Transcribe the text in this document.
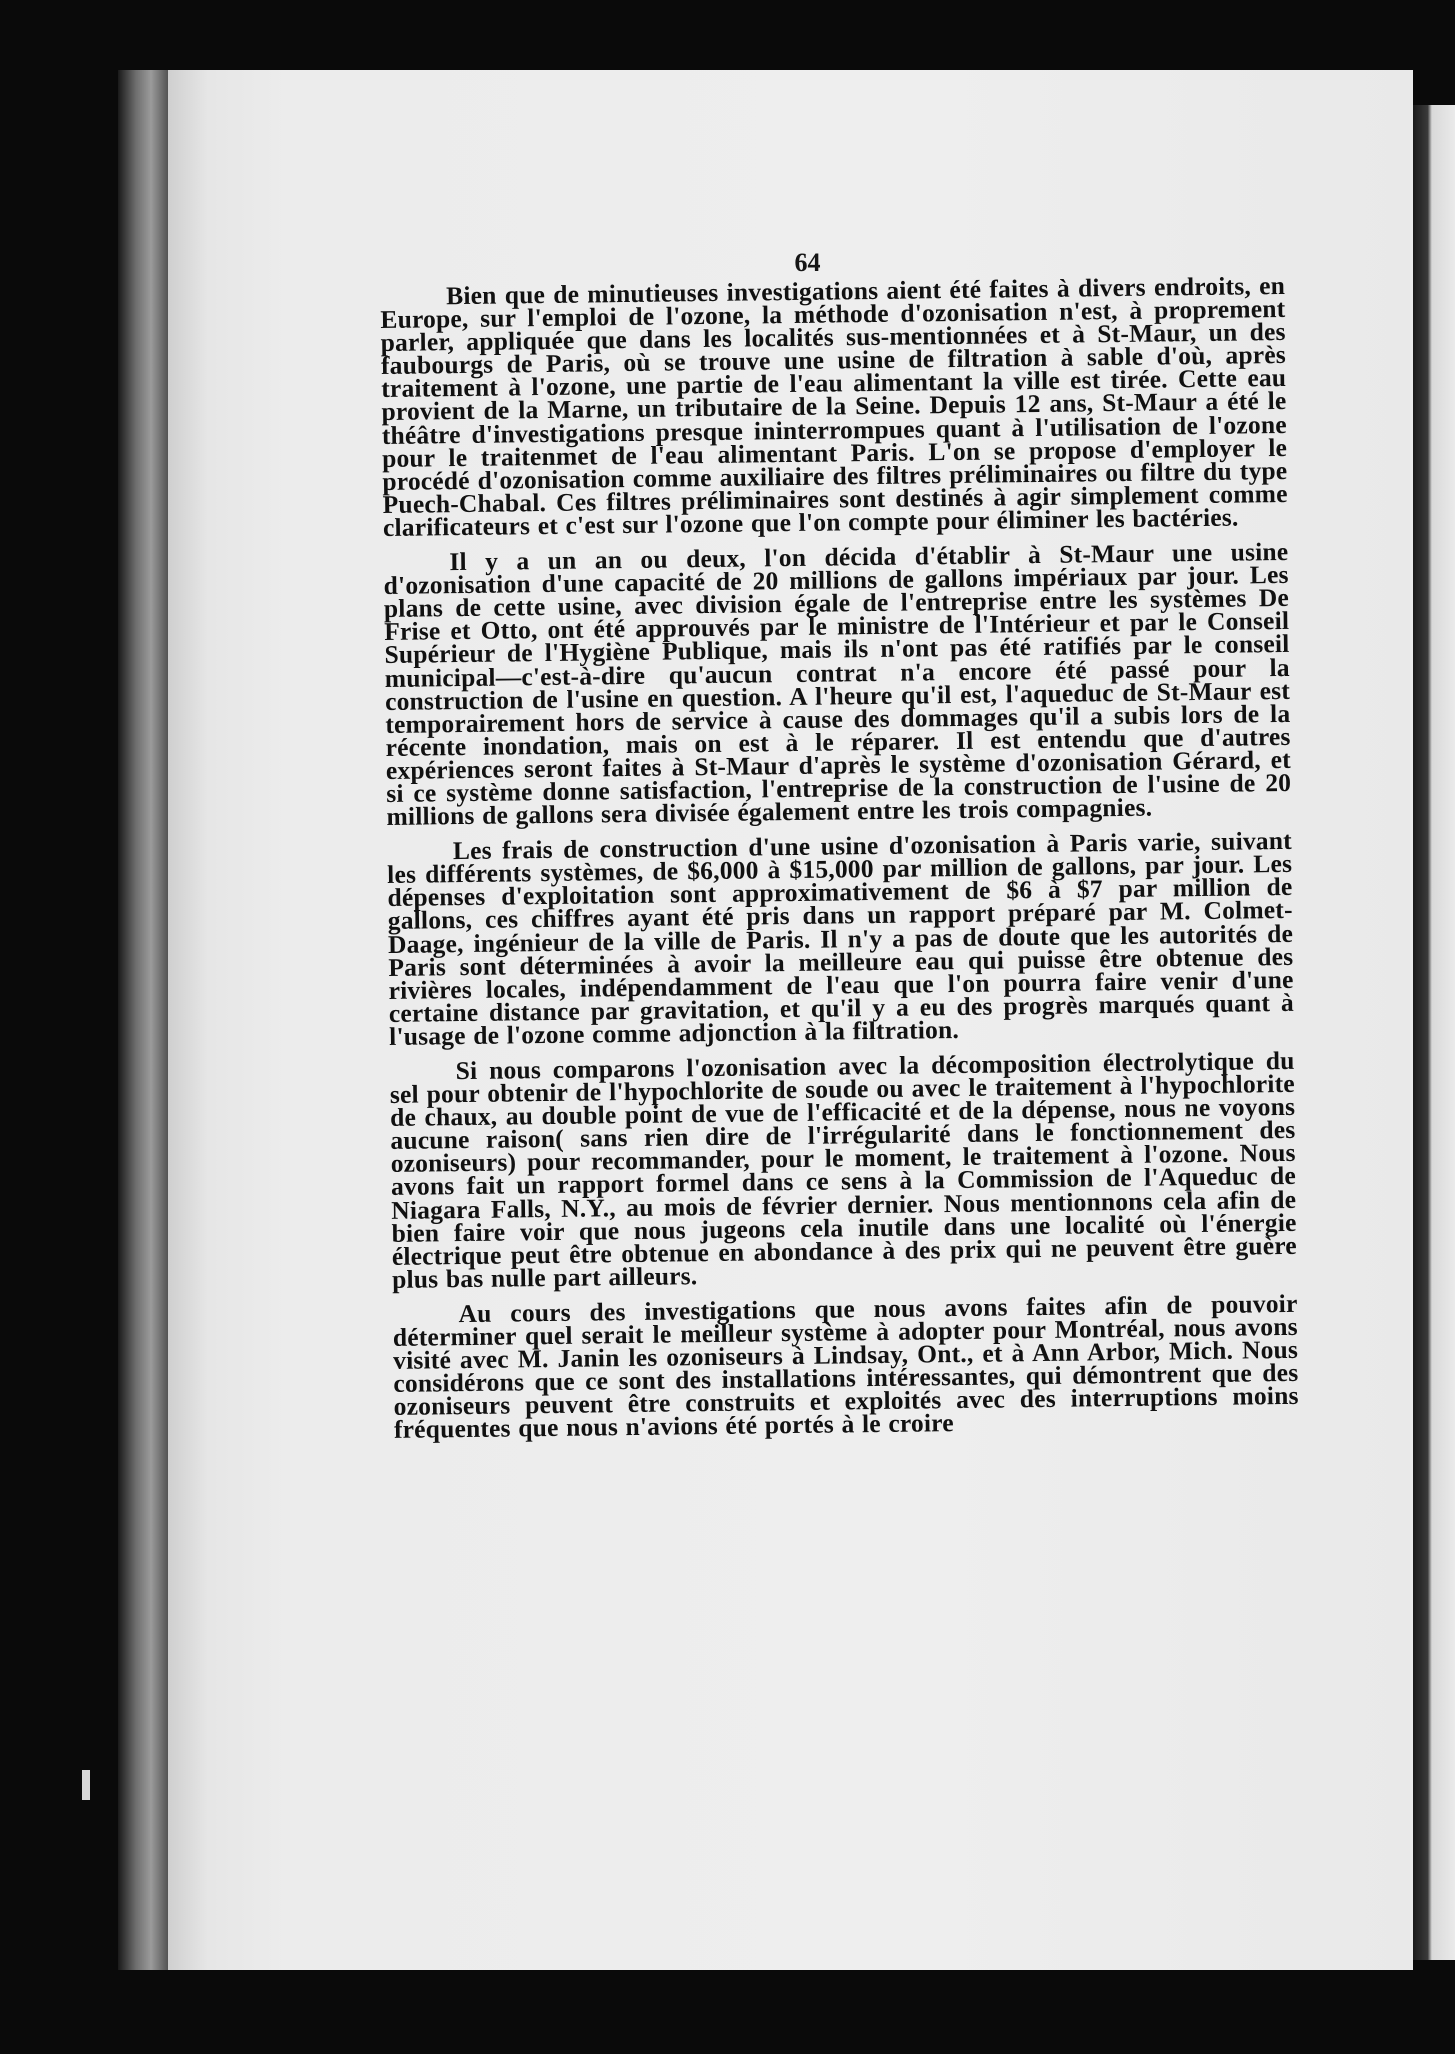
64

Bien que de minutieuses investigations aient été faites à divers endroits, en Europe, sur l'emploi de l'ozone, la méthode d'ozonisation n'est, à proprement parler, appliquée que dans les localités sus-mentionnées et à St-Maur, un des faubourgs de Paris, où se trouve une usine de filtration à sable d'où, après traitement à l'ozone, une partie de l'eau alimentant la ville est tirée. Cette eau provient de la Marne, un tributaire de la Seine. Depuis 12 ans, St-Maur a été le théâtre d'investigations presque ininterrompues quant à l'utilisation de l'ozone pour le traitenmet de l'eau alimentant Paris. L'on se propose d'employer le procédé d'ozonisation comme auxiliaire des filtres préliminaires ou filtre du type Puech-Chabal. Ces filtres préliminaires sont destinés à agir simplement comme clarificateurs et c'est sur l'ozone que l'on compte pour éliminer les bactéries.

Il y a un an ou deux, l'on décida d'établir à St-Maur une usine d'ozonisation d'une capacité de 20 millions de gallons impériaux par jour. Les plans de cette usine, avec division égale de l'entreprise entre les systèmes De Frise et Otto, ont été approuvés par le ministre de l'Intérieur et par le Conseil Supérieur de l'Hygiène Publique, mais ils n'ont pas été ratifiés par le conseil municipal—c'est-à-dire qu'aucun contrat n'a encore été passé pour la construction de l'usine en question. A l'heure qu'il est, l'aqueduc de St-Maur est temporairement hors de service à cause des dommages qu'il a subis lors de la récente inondation, mais on est à le réparer. Il est entendu que d'autres expériences seront faites à St-Maur d'après le système d'ozonisation Gérard, et si ce système donne satisfaction, l'entreprise de la construction de l'usine de 20 millions de gallons sera divisée également entre les trois compagnies.

Les frais de construction d'une usine d'ozonisation à Paris varie, suivant les différents systèmes, de $6,000 à $15,000 par million de gallons, par jour. Les dépenses d'exploitation sont approximativement de $6 à $7 par million de gallons, ces chiffres ayant été pris dans un rapport préparé par M. Colmet-Daage, ingénieur de la ville de Paris. Il n'y a pas de doute que les autorités de Paris sont déterminées à avoir la meilleure eau qui puisse être obtenue des rivières locales, indépendamment de l'eau que l'on pourra faire venir d'une certaine distance par gravitation, et qu'il y a eu des progrès marqués quant à l'usage de l'ozone comme adjonction à la filtration.

Si nous comparons l'ozonisation avec la décomposition électrolytique du sel pour obtenir de l'hypochlorite de soude ou avec le traitement à l'hypochlorite de chaux, au double point de vue de l'efficacité et de la dépense, nous ne voyons aucune raison( sans rien dire de l'irrégularité dans le fonctionnement des ozoniseurs) pour recommander, pour le moment, le traitement à l'ozone. Nous avons fait un rapport formel dans ce sens à la Commission de l'Aqueduc de Niagara Falls, N.Y., au mois de février dernier. Nous mentionnons cela afin de bien faire voir que nous jugeons cela inutile dans une localité où l'énergie électrique peut être obtenue en abondance à des prix qui ne peuvent être guère plus bas nulle part ailleurs.

Au cours des investigations que nous avons faites afin de pouvoir déterminer quel serait le meilleur système à adopter pour Montréal, nous avons visité avec M. Janin les ozoniseurs à Lindsay, Ont., et à Ann Arbor, Mich. Nous considérons que ce sont des installations intéressantes, qui démontrent que des ozoniseurs peuvent être construits et exploités avec des interruptions moins fréquentes que nous n'avions été portés à le croire
